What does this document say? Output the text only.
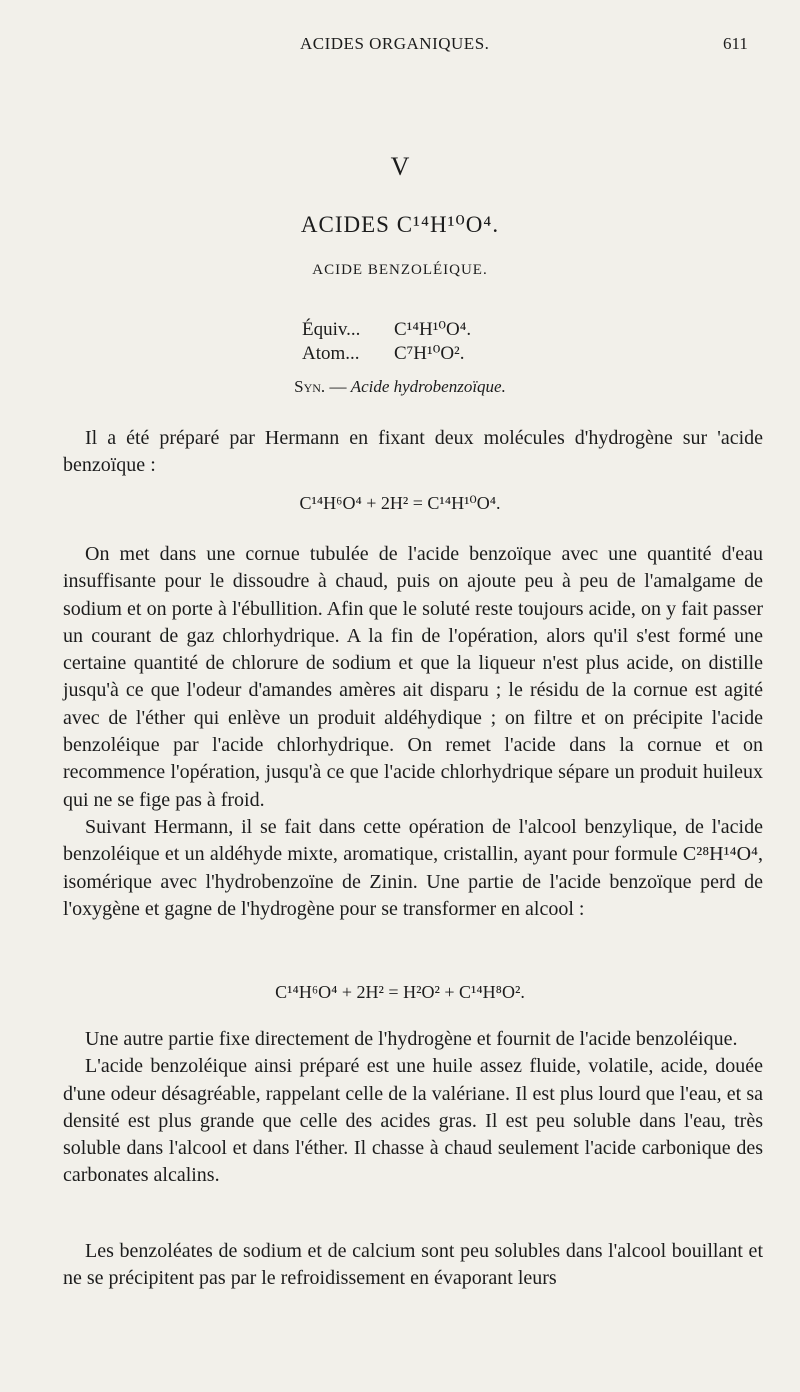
ACIDES ORGANIQUES.	611
V
ACIDES C¹⁴H¹⁰O⁴.
ACIDE BENZOLÉIQUE.
Équiv...	C¹⁴H¹⁰O⁴.
Atom...	C⁷H¹⁰O².
Syn. — Acide hydrobenzoïque.

Il a été préparé par Hermann en fixant deux molécules d'hydrogène sur 'acide benzoïque :

C¹⁴H⁶O⁴ + 2H² = C¹⁴H¹⁰O⁴.

On met dans une cornue tubulée de l'acide benzoïque avec une quantité d'eau insuffisante pour le dissoudre à chaud, puis on ajoute peu à peu de l'amalgame de sodium et on porte à l'ébullition. Afin que le soluté reste toujours acide, on y fait passer un courant de gaz chlorhydrique. A la fin de l'opération, alors qu'il s'est formé une certaine quantité de chlorure de sodium et que la liqueur n'est plus acide, on distille jusqu'à ce que l'odeur d'amandes amères ait disparu ; le résidu de la cornue est agité avec de l'éther qui enlève un produit aldéhydique ; on filtre et on précipite l'acide benzoléique par l'acide chlorhydrique. On remet l'acide dans la cornue et on recommence l'opération, jusqu'à ce que l'acide chlorhydrique sépare un produit huileux qui ne se fige pas à froid.

Suivant Hermann, il se fait dans cette opération de l'alcool benzylique, de l'acide benzoléique et un aldéhyde mixte, aromatique, cristallin, ayant pour formule C²⁸H¹⁴O⁴, isomérique avec l'hydrobenzoïne de Zinin. Une partie de l'acide benzoïque perd de l'oxygène et gagne de l'hydrogène pour se transformer en alcool :

C¹⁴H⁶O⁴ + 2H² = H²O² + C¹⁴H⁸O².

Une autre partie fixe directement de l'hydrogène et fournit de l'acide benzoléique.

L'acide benzoléique ainsi préparé est une huile assez fluide, volatile, acide, douée d'une odeur désagréable, rappelant celle de la valériane. Il est plus lourd que l'eau, et sa densité est plus grande que celle des acides gras. Il est peu soluble dans l'eau, très soluble dans l'alcool et dans l'éther. Il chasse à chaud seulement l'acide carbonique des carbonates alcalins.

Les benzoléates de sodium et de calcium sont peu solubles dans l'alcool bouillant et ne se précipitent pas par le refroidissement en évaporant leurs
